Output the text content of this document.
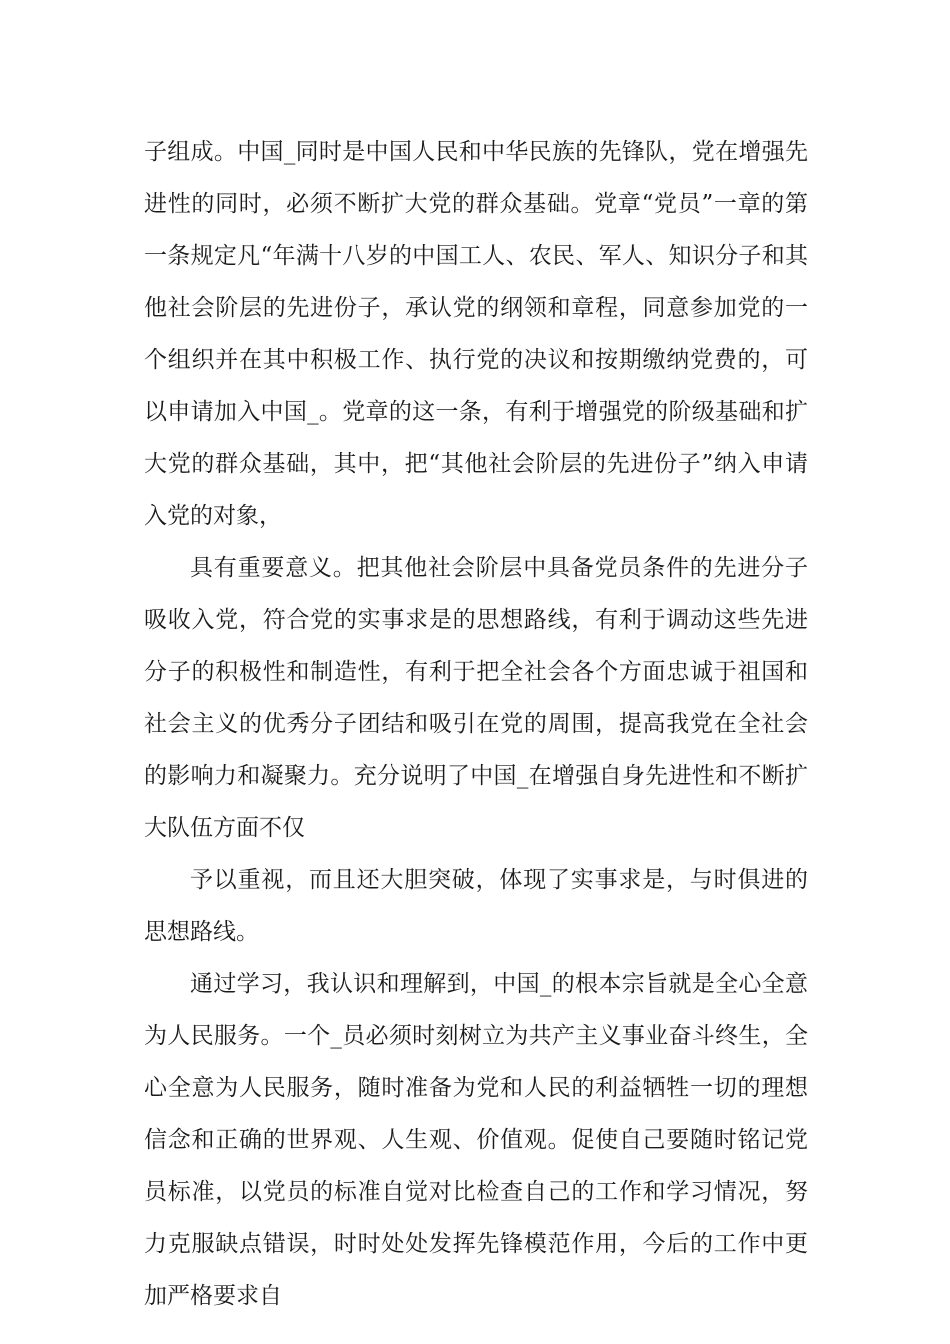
子组成。中国_同时是中国人民和中华民族的先锋队，党在增强先进性的同时，必须不断扩大党的群众基础。党章“党员”一章的第一条规定凡“年满十八岁的中国工人、农民、军人、知识分子和其他社会阶层的先进份子，承认党的纲领和章程，同意参加党的一个组织并在其中积极工作、执行党的决议和按期缴纳党费的，可以申请加入中国_。党章的这一条，有利于增强党的阶级基础和扩大党的群众基础，其中，把“其他社会阶层的先进份子”纳入申请入党的对象，

具有重要意义。把其他社会阶层中具备党员条件的先进分子吸收入党，符合党的实事求是的思想路线，有利于调动这些先进分子的积极性和制造性，有利于把全社会各个方面忠诚于祖国和社会主义的优秀分子团结和吸引在党的周围，提高我党在全社会的影响力和凝聚力。充分说明了中国_在增强自身先进性和不断扩大队伍方面不仅

予以重视，而且还大胆突破，体现了实事求是，与时俱进的思想路线。

通过学习，我认识和理解到，中国_的根本宗旨就是全心全意为人民服务。一个_员必须时刻树立为共产主义事业奋斗终生，全心全意为人民服务，随时准备为党和人民的利益牺牲一切的理想信念和正确的世界观、人生观、价值观。促使自己要随时铭记党员标准，以党员的标准自觉对比检查自己的工作和学习情况，努力克服缺点错误，时时处处发挥先锋模范作用，今后的工作中更加严格要求自
